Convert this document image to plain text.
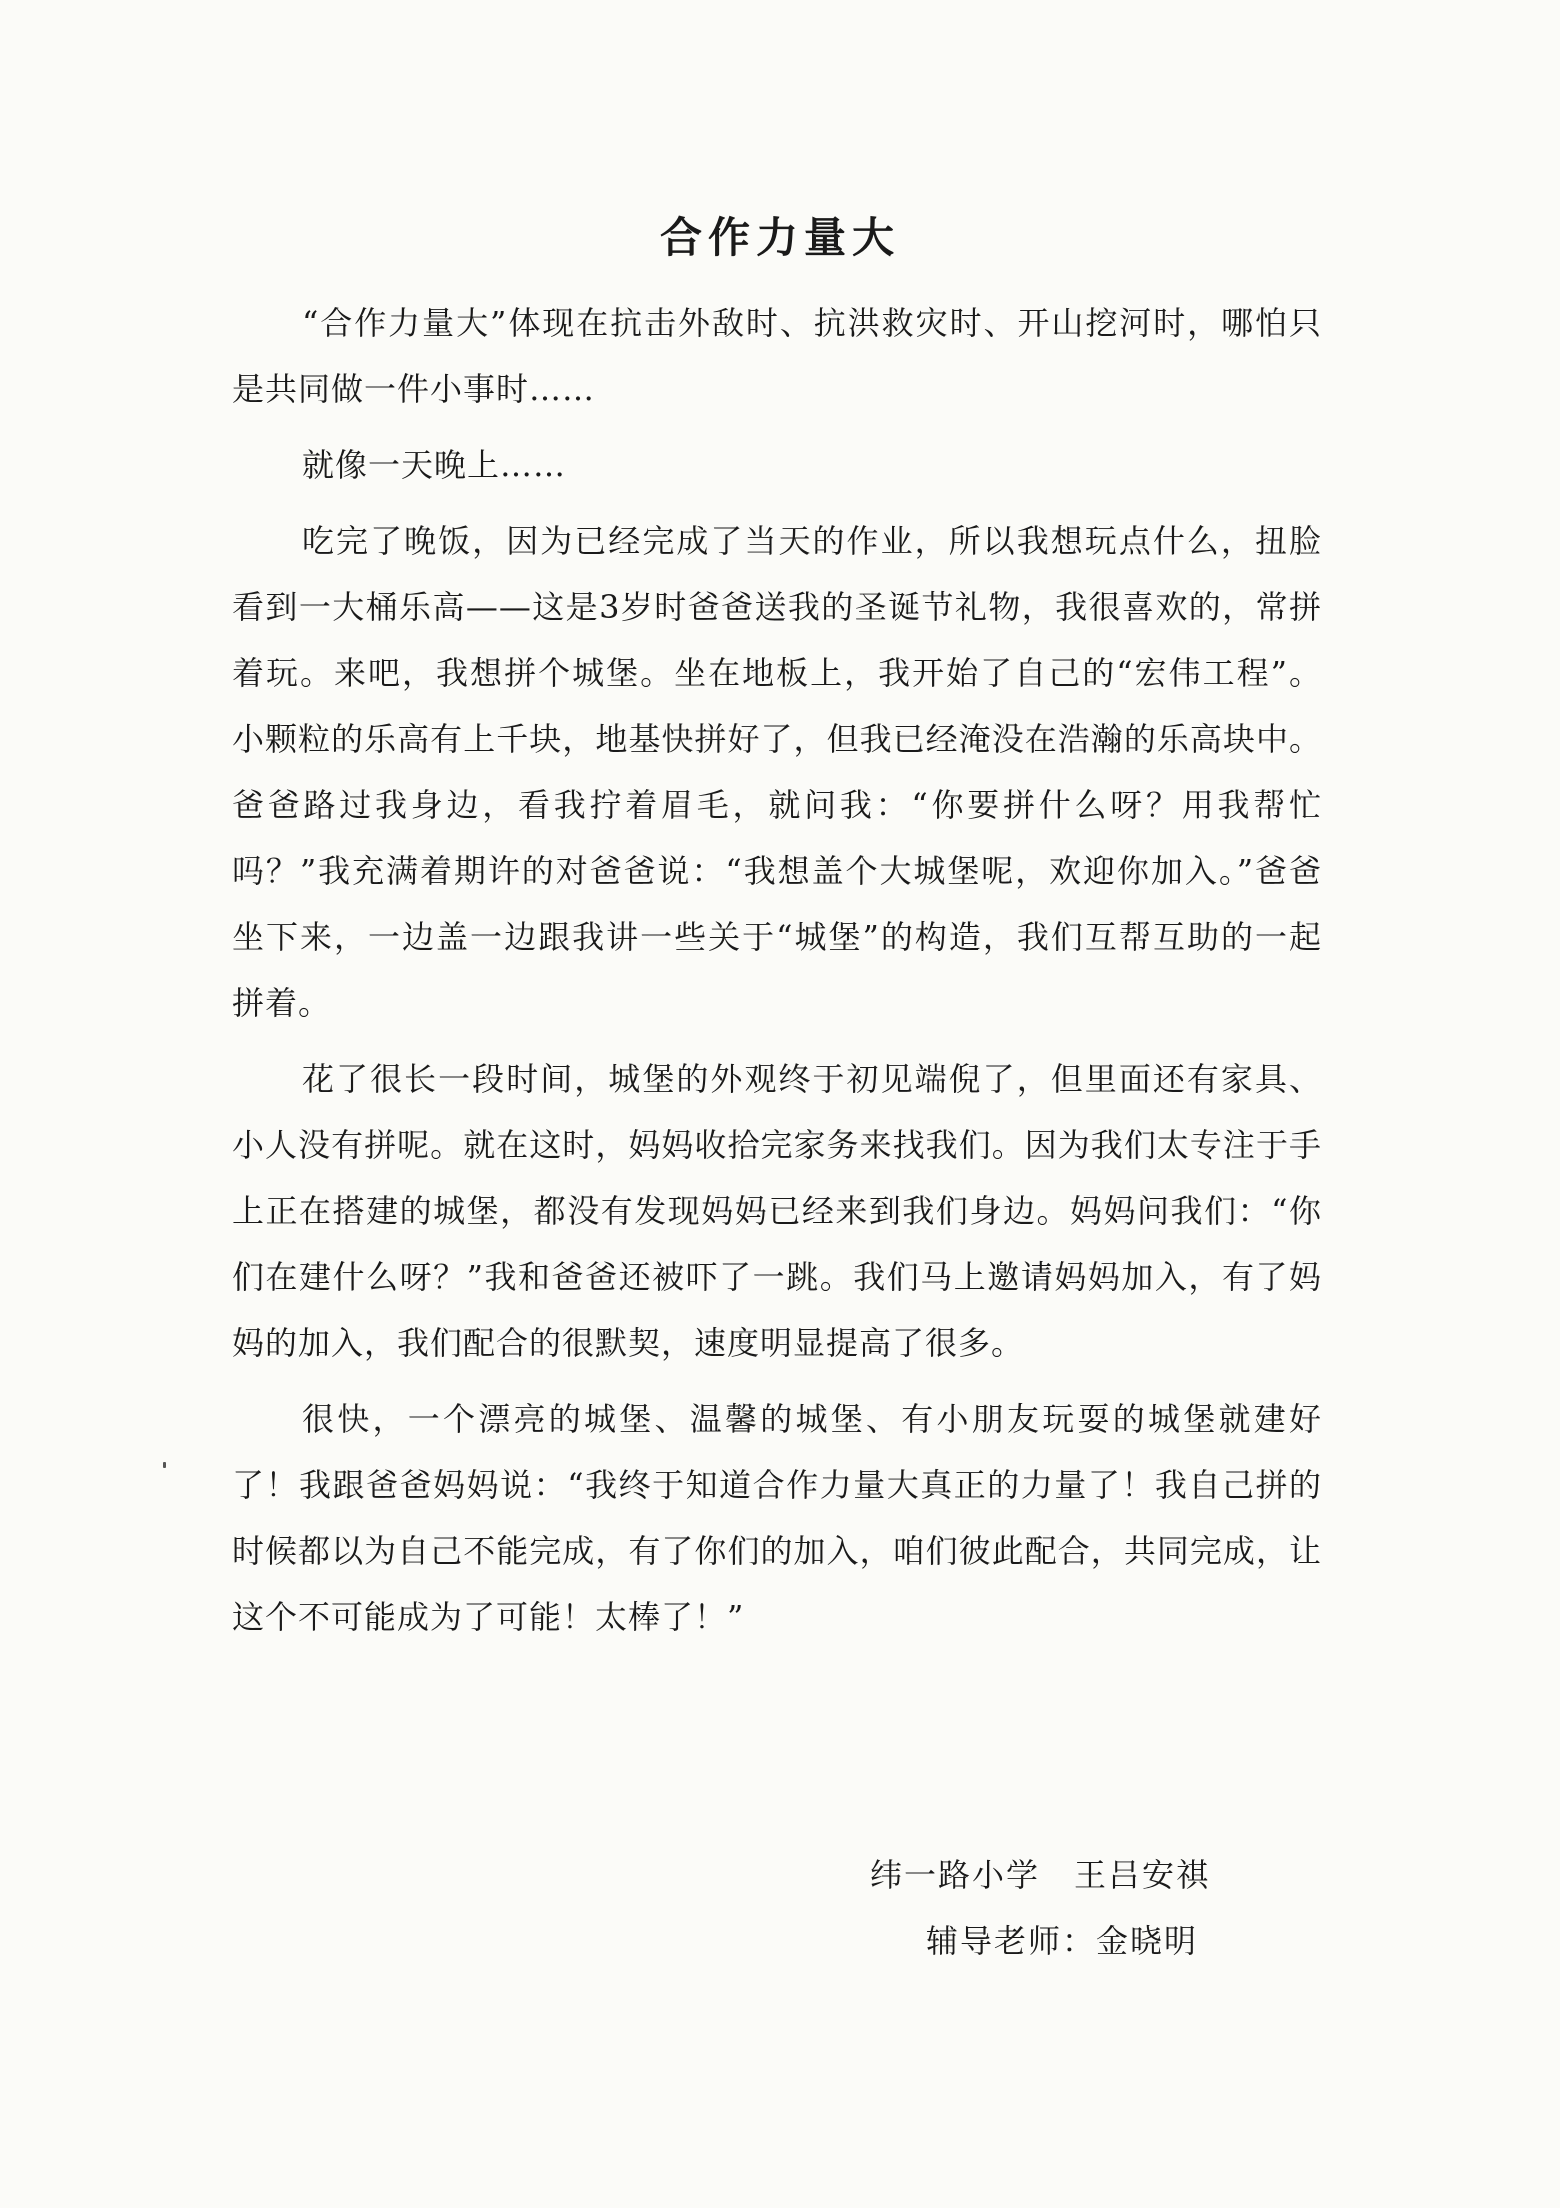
合作力量大

“合作力量大”体现在抗击外敌时、抗洪救灾时、开山挖河时，哪怕只是共同做一件小事时……

就像一天晚上……

吃完了晚饭，因为已经完成了当天的作业，所以我想玩点什么，扭脸看到一大桶乐高——这是3岁时爸爸送我的圣诞节礼物，我很喜欢的，常拼着玩。来吧，我想拼个城堡。坐在地板上，我开始了自己的“宏伟工程”。小颗粒的乐高有上千块，地基快拼好了，但我已经淹没在浩瀚的乐高块中。爸爸路过我身边，看我拧着眉毛，就问我：“你要拼什么呀？用我帮忙吗？”我充满着期许的对爸爸说：“我想盖个大城堡呢，欢迎你加入。”爸爸坐下来，一边盖一边跟我讲一些关于“城堡”的构造，我们互帮互助的一起拼着。

花了很长一段时间，城堡的外观终于初见端倪了，但里面还有家具、小人没有拼呢。就在这时，妈妈收拾完家务来找我们。因为我们太专注于手上正在搭建的城堡，都没有发现妈妈已经来到我们身边。妈妈问我们：“你们在建什么呀？”我和爸爸还被吓了一跳。我们马上邀请妈妈加入，有了妈妈的加入，我们配合的很默契，速度明显提高了很多。

很快，一个漂亮的城堡、温馨的城堡、有小朋友玩耍的城堡就建好了！我跟爸爸妈妈说：“我终于知道合作力量大真正的力量了！我自己拼的时候都以为自己不能完成，有了你们的加入，咱们彼此配合，共同完成，让这个不可能成为了可能！太棒了！”

纬一路小学　王吕安祺
辅导老师：金晓明
